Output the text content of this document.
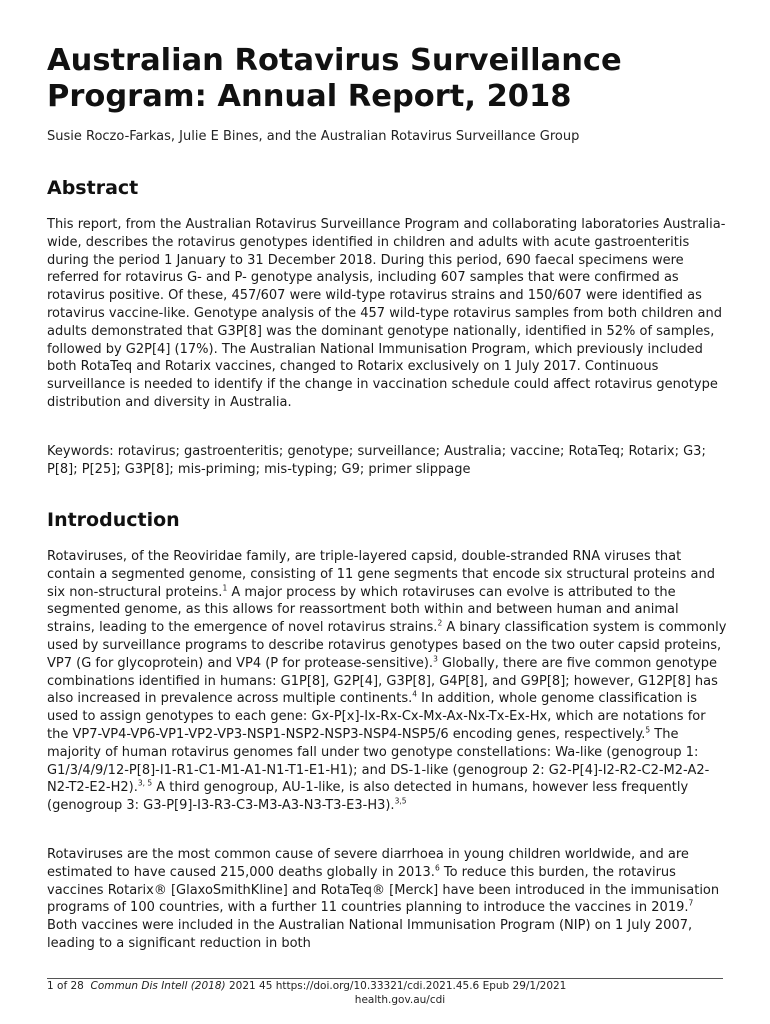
Australian Rotavirus Surveillance Program: Annual Report, 2018
Susie Roczo-Farkas, Julie E Bines, and the Australian Rotavirus Surveillance Group
Abstract

This report, from the Australian Rotavirus Surveillance Program and collaborating laboratories Australia-wide, describes the rotavirus genotypes identified in children and adults with acute gastroenteritis during the period 1 January to 31 December 2018. During this period, 690 faecal specimens were referred for rotavirus G- and P- genotype analysis, including 607 samples that were confirmed as rotavirus positive. Of these, 457/607 were wild-type rotavirus strains and 150/607 were identified as rotavirus vaccine-like. Genotype analysis of the 457 wild-type rotavirus samples from both children and adults demonstrated that G3P[8] was the dominant genotype nationally, identified in 52% of samples, followed by G2P[4] (17%). The Australian National Immunisation Program, which previously included both RotaTeq and Rotarix vaccines, changed to Rotarix exclusively on 1 July 2017. Continuous surveillance is needed to identify if the change in vaccination schedule could affect rotavirus genotype distribution and diversity in Australia.

Keywords: rotavirus; gastroenteritis; genotype; surveillance; Australia; vaccine; RotaTeq; Rotarix; G3; P[8]; P[25]; G3P[8]; mis-priming; mis-typing; G9; primer slippage

Introduction

Rotaviruses, of the Reoviridae family, are triple-layered capsid, double-stranded RNA viruses that contain a segmented genome, consisting of 11 gene segments that encode six structural proteins and six non-structural proteins.$^1$ A major process by which rotaviruses can evolve is attributed to the segmented genome, as this allows for reassortment both within and between human and animal strains, leading to the emergence of novel rotavirus strains.$^2$ A binary classification system is commonly used by surveillance programs to describe rotavirus genotypes based on the two outer capsid proteins, VP7 (G for glycoprotein) and VP4 (P for protease-sensitive).$^3$ Globally, there are five common genotype combinations identified in humans: G1P[8], G2P[4], G3P[8], G4P[8], and G9P[8]; however, G12P[8] has also increased in prevalence across multiple continents.$^4$ In addition, whole genome classification is used to assign genotypes to each gene: Gx-P[x]-Ix-Rx-Cx-Mx-Ax-Nx-Tx-Ex-Hx, which are notations for the VP7-VP4-VP6-VP1-VP2-VP3-NSP1-NSP2-NSP3-NSP4-NSP5/6 encoding genes, respectively.$^5$ The majority of human rotavirus genomes fall under two genotype constellations: Wa-like (genogroup 1: G1/3/4/9/12-P[8]-I1-R1-C1-M1-A1-N1-T1-E1-H1); and DS-1-like (genogroup 2: G2-P[4]-I2-R2-C2-M2-A2-N2-T2-E2-H2).$^{3, 5}$ A third genogroup, AU-1-like, is also detected in humans, however less frequently (genogroup 3: G3-P[9]-I3-R3-C3-M3-A3-N3-T3-E3-H3).$^{3,5}$

Rotaviruses are the most common cause of severe diarrhoea in young children worldwide, and are estimated to have caused 215,000 deaths globally in 2013.$^6$ To reduce this burden, the rotavirus vaccines Rotarix® [GlaxoSmithKline] and RotaTeq® [Merck] have been introduced in the immunisation programs of 100 countries, with a further 11 countries planning to introduce the vaccines in 2019.$^7$ Both vaccines were included in the Australian National Immunisation Program (NIP) on 1 July 2007, leading to a significant reduction in both

1 of 28 Commun Dis Intell (2018) 2021 45 https://doi.org/10.33321/cdi.2021.45.6 Epub 29/1/2021
health.gov.au/cdi
